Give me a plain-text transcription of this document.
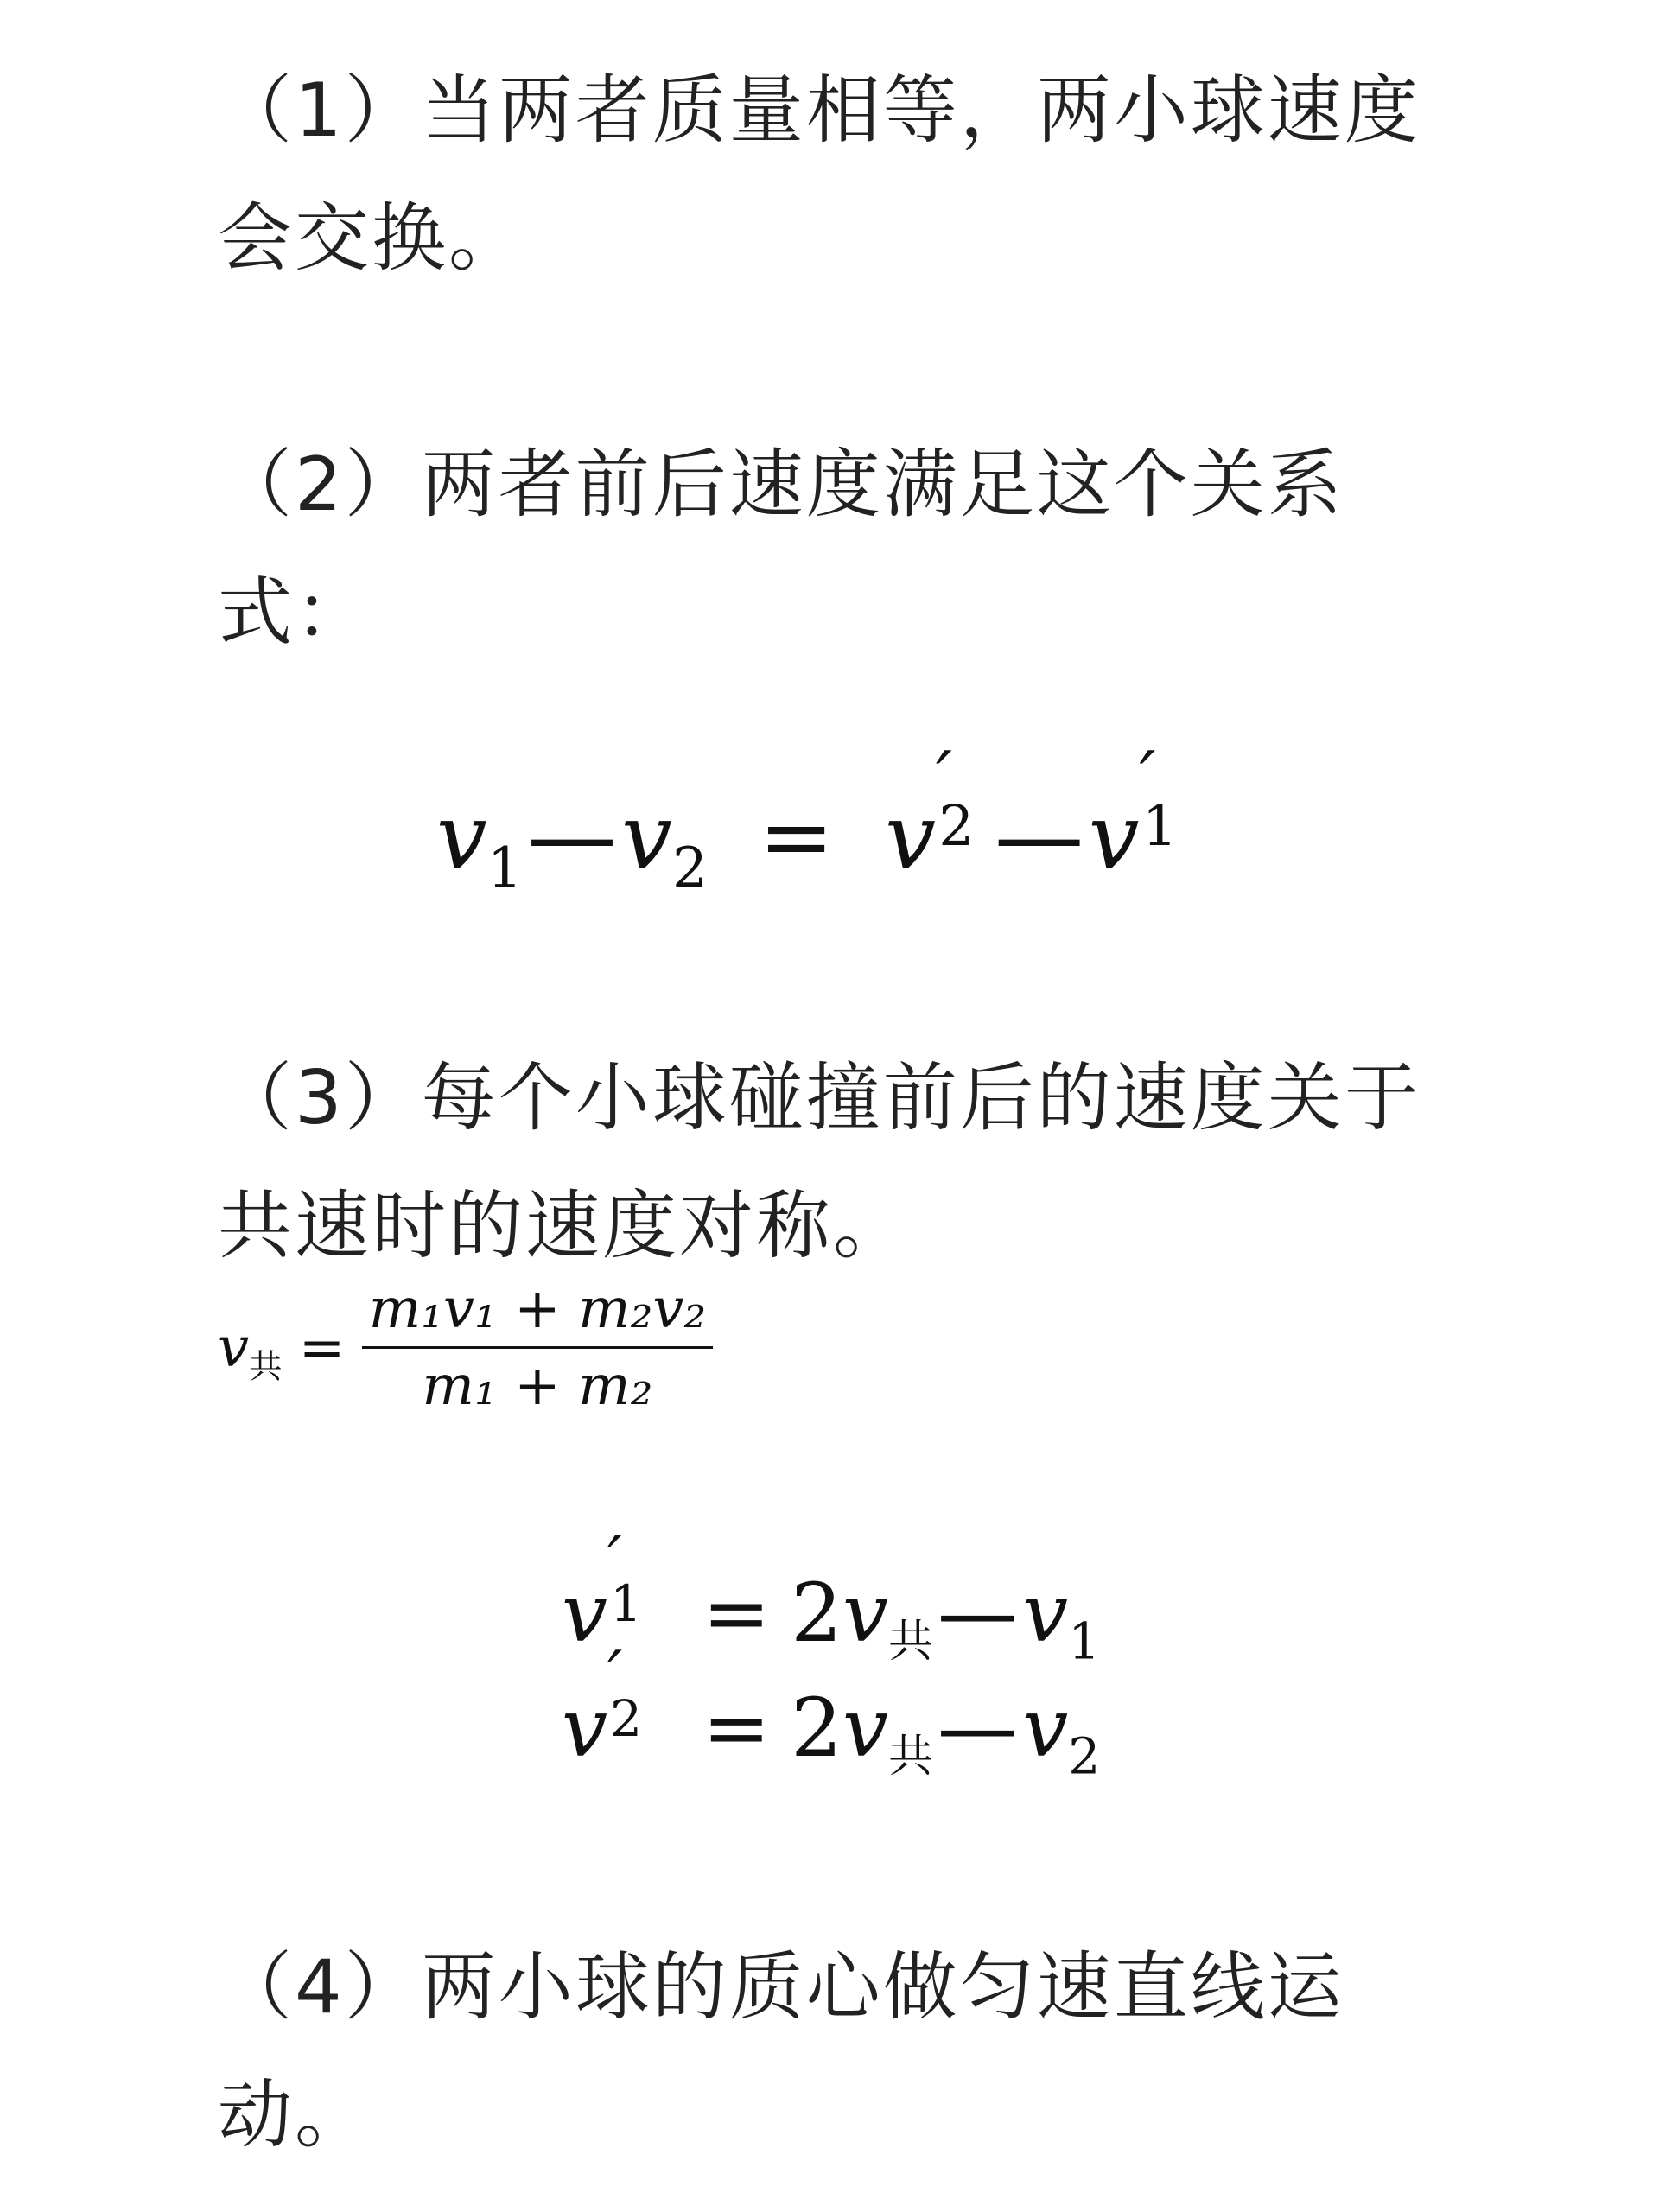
（1）当两者质量相等，两小球速度会交换。

（2）两者前后速度满足这个关系式：

$v_1—v_2 = v$
′
2 —v
′
1

（3）每个小球碰撞前后的速度关于共速时的速度对称。

$v_共 = \frac{\text{m₁v₁ + m₂v₂}}{\text{m₁ + m₂}}$
v
′
$1 = 2v_共—v_1$
v
′
$2 = 2v_共—v_2$

（4）两小球的质心做匀速直线运动。
